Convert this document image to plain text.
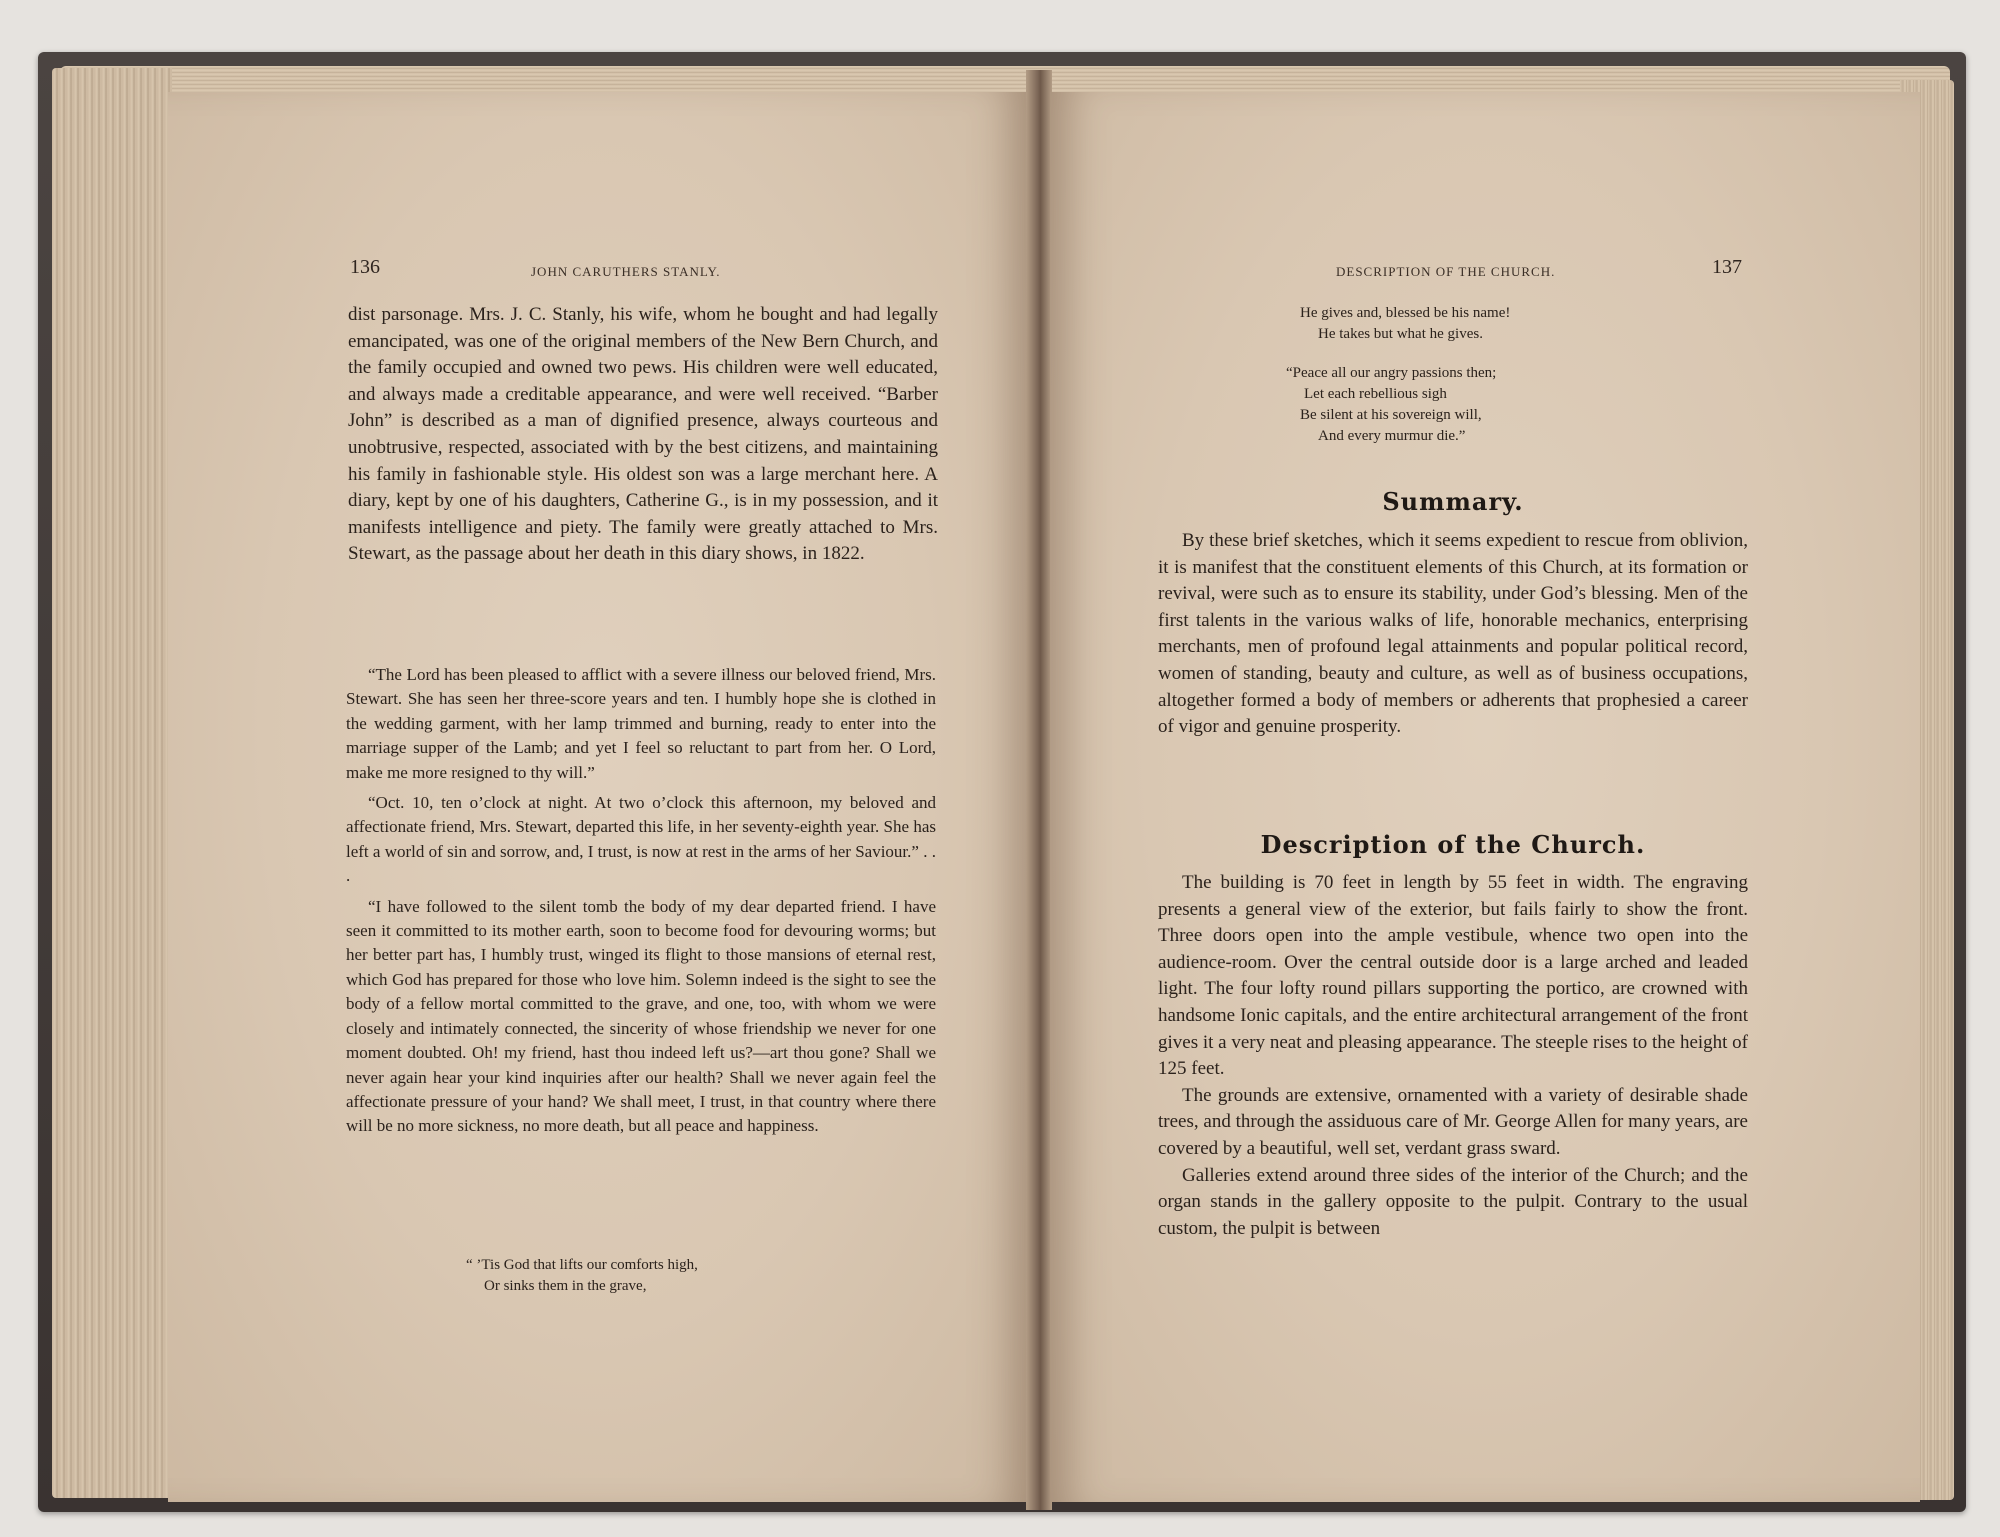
136	JOHN CARUTHERS STANLY.

dist parsonage. Mrs. J. C. Stanly, his wife, whom he bought and had legally emancipated, was one of the original members of the New Bern Church, and the family occupied and owned two pews. His children were well educated, and always made a creditable appearance, and were well received. “Barber John” is described as a man of dignified presence, always courteous and unobtrusive, respected, associated with by the best citizens, and maintaining his family in fashionable style. His oldest son was a large merchant here. A diary, kept by one of his daughters, Catherine G., is in my possession, and it manifests intelligence and piety. The family were greatly attached to Mrs. Stewart, as the passage about her death in this diary shows, in 1822.

“The Lord has been pleased to afflict with a severe illness our beloved friend, Mrs. Stewart. She has seen her three-score years and ten. I humbly hope she is clothed in the wedding garment, with her lamp trimmed and burning, ready to enter into the marriage supper of the Lamb; and yet I feel so reluctant to part from her. O Lord, make me more resigned to thy will.”

“Oct. 10, ten o’clock at night. At two o’clock this afternoon, my beloved and affectionate friend, Mrs. Stewart, departed this life, in her seventy-eighth year. She has left a world of sin and sorrow, and, I trust, is now at rest in the arms of her Saviour.” . . .

“I have followed to the silent tomb the body of my dear departed friend. I have seen it committed to its mother earth, soon to become food for devouring worms; but her better part has, I humbly trust, winged its flight to those mansions of eternal rest, which God has prepared for those who love him. Solemn indeed is the sight to see the body of a fellow mortal committed to the grave, and one, too, with whom we were closely and intimately connected, the sincerity of whose friendship we never for one moment doubted. Oh! my friend, hast thou indeed left us?—art thou gone? Shall we never again hear your kind inquiries after our health? Shall we never again feel the affectionate pressure of your hand? We shall meet, I trust, in that country where there will be no more sickness, no more death, but all peace and happiness.

“ ’Tis God that lifts our comforts high,
Or sinks them in the grave,
DESCRIPTION OF THE CHURCH.	137
He gives and, blessed be his name!
He takes but what he gives.
“Peace all our angry passions then;
Let each rebellious sigh
Be silent at his sovereign will,
And every murmur die.”
Summary.

By these brief sketches, which it seems expedient to rescue from oblivion, it is manifest that the constituent elements of this Church, at its formation or revival, were such as to ensure its stability, under God’s blessing. Men of the first talents in the various walks of life, honorable mechanics, enterprising merchants, men of profound legal attainments and popular political record, women of standing, beauty and culture, as well as of business occupations, altogether formed a body of members or adherents that prophesied a career of vigor and genuine prosperity.

Description of the Church.

The building is 70 feet in length by 55 feet in width. The engraving presents a general view of the exterior, but fails fairly to show the front. Three doors open into the ample vestibule, whence two open into the audience-room. Over the central outside door is a large arched and leaded light. The four lofty round pillars supporting the portico, are crowned with handsome Ionic capitals, and the entire architectural arrangement of the front gives it a very neat and pleasing appearance. The steeple rises to the height of 125 feet.

The grounds are extensive, ornamented with a variety of desirable shade trees, and through the assiduous care of Mr. George Allen for many years, are covered by a beautiful, well set, verdant grass sward.

Galleries extend around three sides of the interior of the Church; and the organ stands in the gallery opposite to the pulpit. Contrary to the usual custom, the pulpit is between
